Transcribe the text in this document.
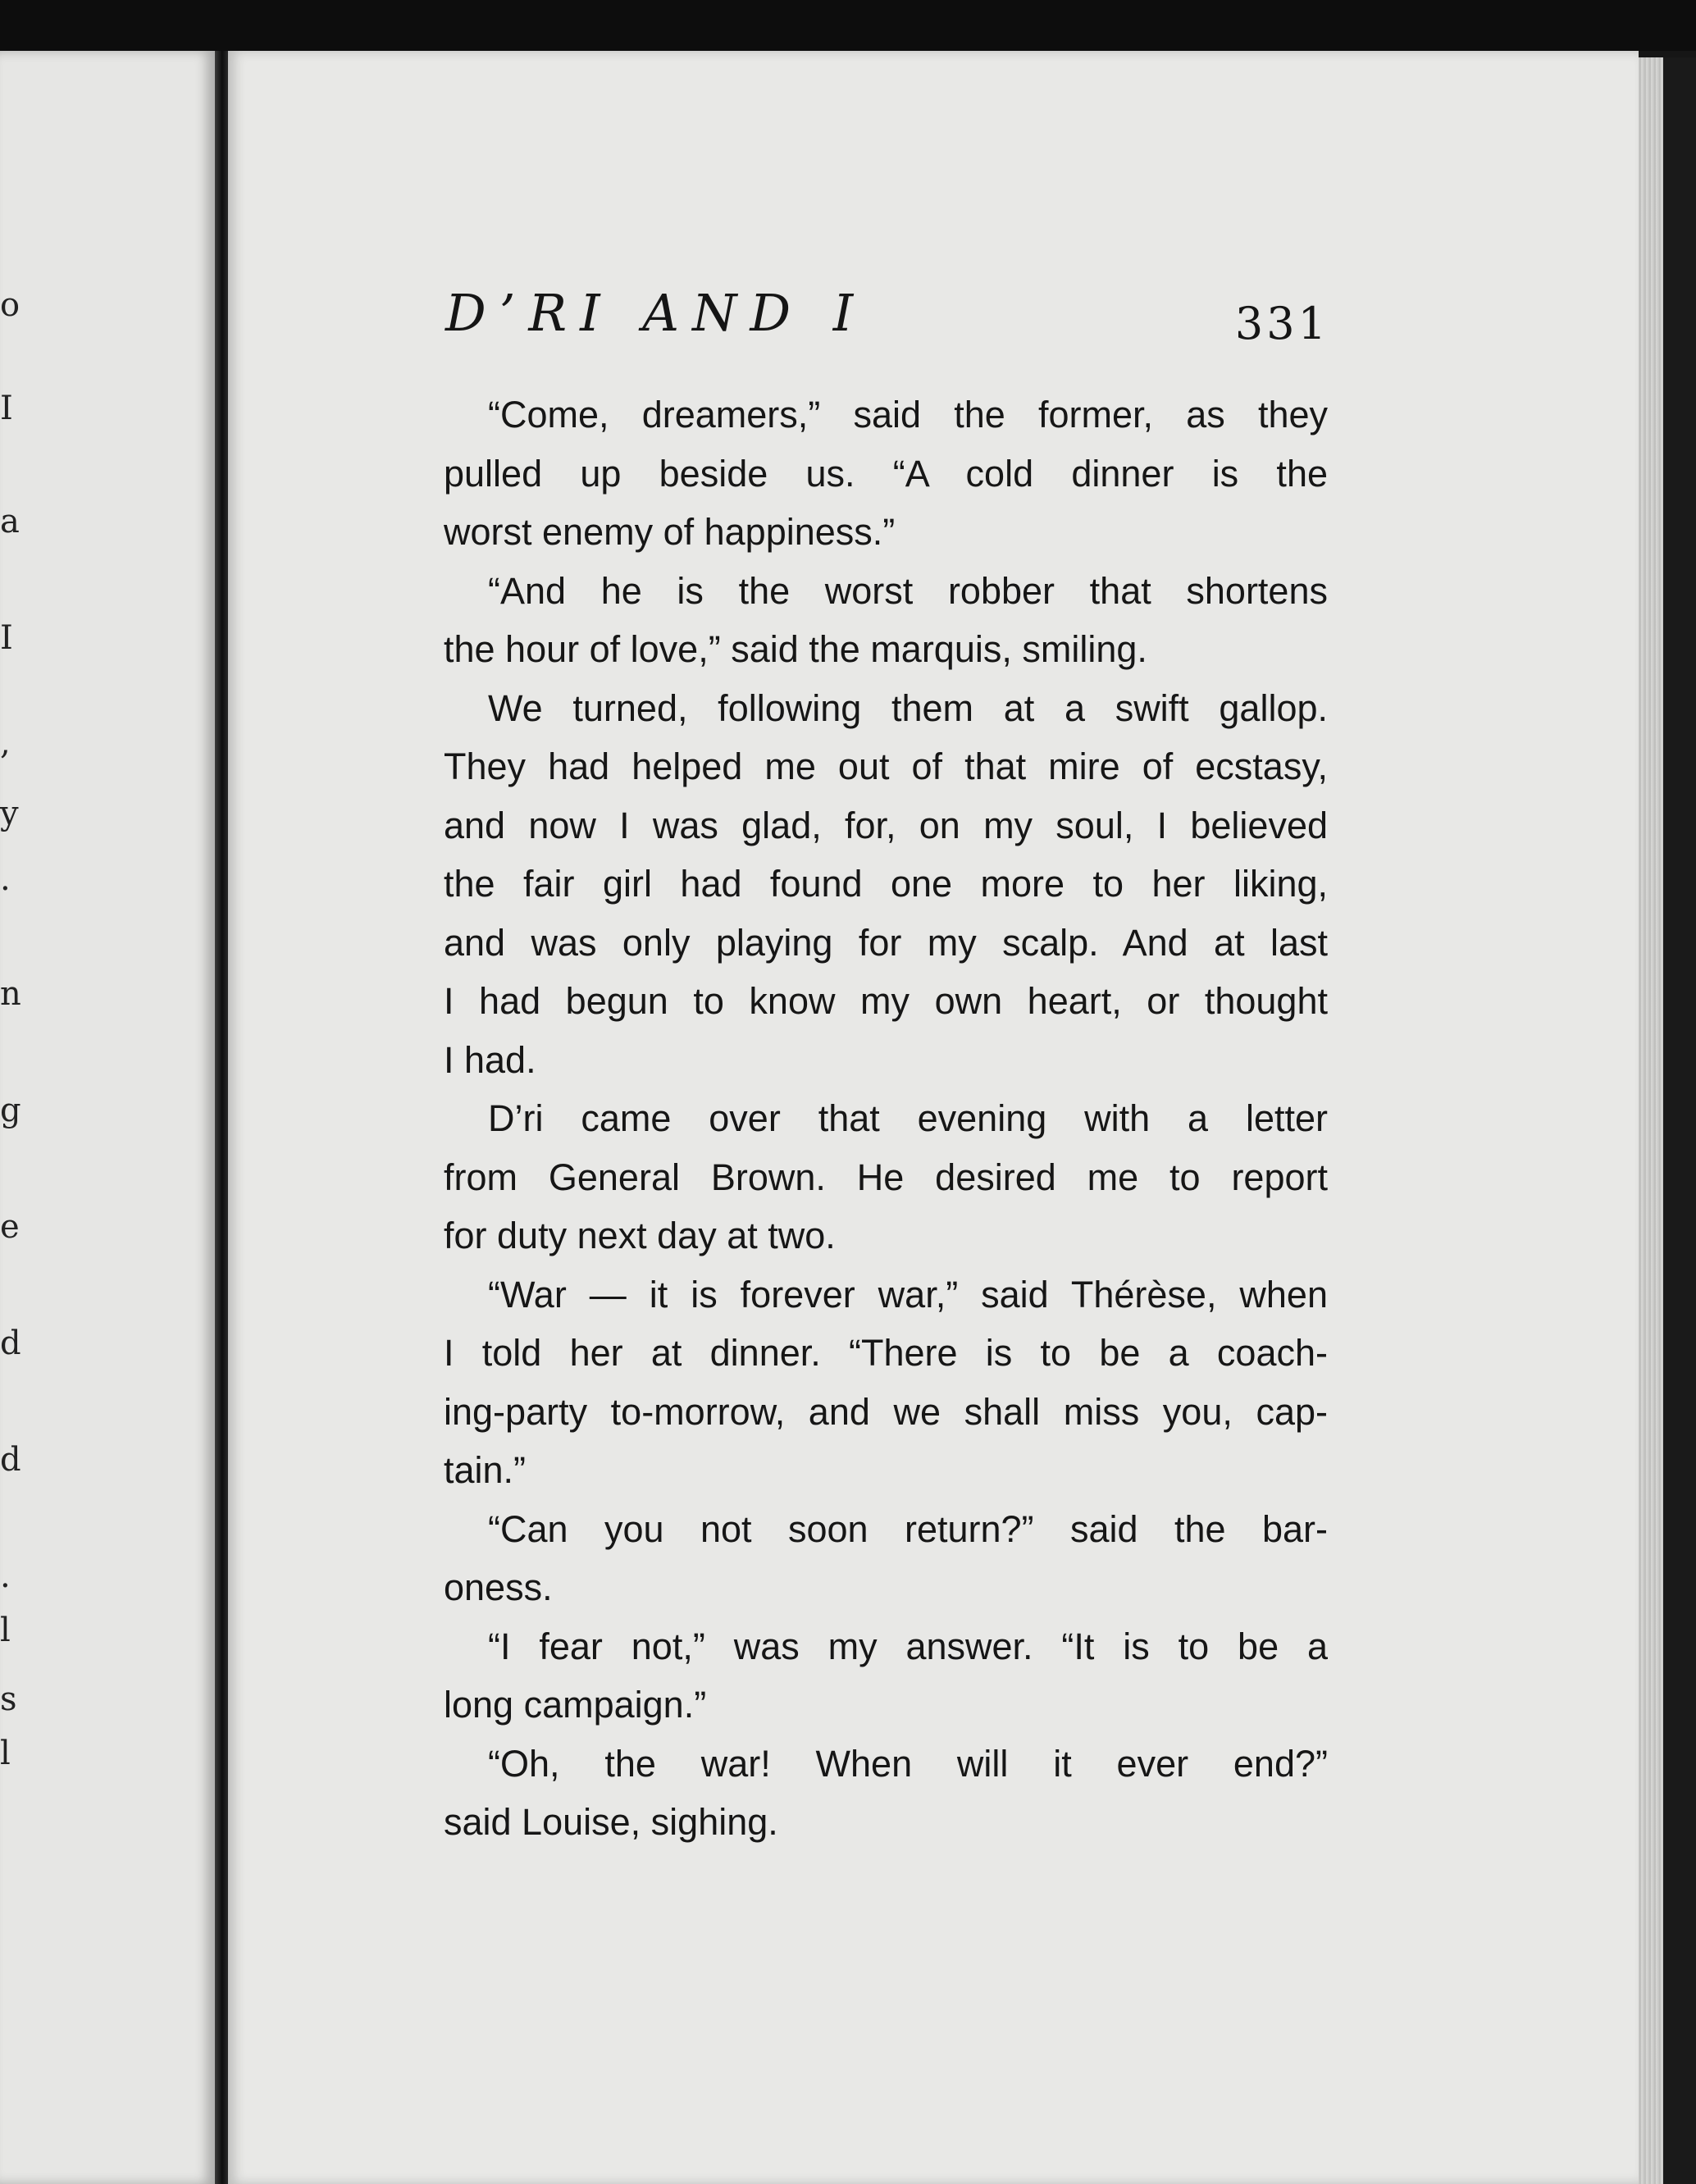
o
I
a
I
,
y
.
n
g
e
d
d
.
l
s
l
D’RI AND I	331
“Come, dreamers,” said the former, as they
pulled up beside us. “A cold dinner is the
worst enemy of happiness.”
“And he is the worst robber that shortens
the hour of love,” said the marquis, smiling.
We turned, following them at a swift gallop.
They had helped me out of that mire of ecstasy,
and now I was glad, for, on my soul, I believed
the fair girl had found one more to her liking,
and was only playing for my scalp. And at last
I had begun to know my own heart, or thought
I had.
D’ri came over that evening with a letter
from General Brown. He desired me to report
for duty next day at two.
“War — it is forever war,” said Thérèse, when
I told her at dinner. “There is to be a coach-
ing-party to-morrow, and we shall miss you, cap-
tain.”
“Can you not soon return?” said the bar-
oness.
“I fear not,” was my answer. “It is to be a
long campaign.”
“Oh, the war! When will it ever end?”
said Louise, sighing.
